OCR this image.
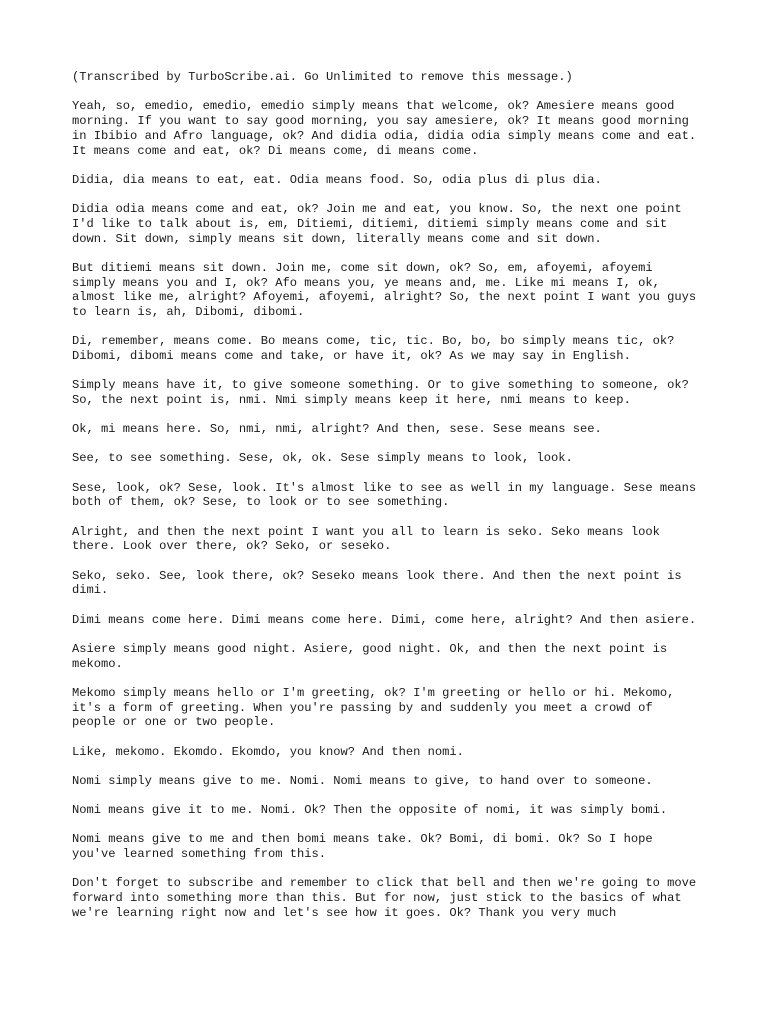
(Transcribed by TurboScribe.ai. Go Unlimited to remove this message.)

Yeah, so, emedio, emedio, emedio simply means that welcome, ok? Amesiere means good morning. If you want to say good morning, you say amesiere, ok? It means good morning in Ibibio and Afro language, ok? And didia odia, didia odia simply means come and eat. It means come and eat, ok? Di means come, di means come.

Didia, dia means to eat, eat. Odia means food. So, odia plus di plus dia.

Didia odia means come and eat, ok? Join me and eat, you know. So, the next one point I'd like to talk about is, em, Ditiemi, ditiemi, ditiemi simply means come and sit down. Sit down, simply means sit down, literally means come and sit down.

But ditiemi means sit down. Join me, come sit down, ok? So, em, afoyemi, afoyemi simply means you and I, ok? Afo means you, ye means and, me. Like mi means I, ok, almost like me, alright? Afoyemi, afoyemi, alright? So, the next point I want you guys to learn is, ah, Dibomi, dibomi.

Di, remember, means come. Bo means come, tic, tic. Bo, bo, bo simply means tic, ok? Dibomi, dibomi means come and take, or have it, ok? As we may say in English.

Simply means have it, to give someone something. Or to give something to someone, ok? So, the next point is, nmi. Nmi simply means keep it here, nmi means to keep.

Ok, mi means here. So, nmi, nmi, alright? And then, sese. Sese means see.

See, to see something. Sese, ok, ok. Sese simply means to look, look.

Sese, look, ok? Sese, look. It's almost like to see as well in my language. Sese means both of them, ok? Sese, to look or to see something.

Alright, and then the next point I want you all to learn is seko. Seko means look there. Look over there, ok? Seko, or seseko.

Seko, seko. See, look there, ok? Seseko means look there. And then the next point is dimi.

Dimi means come here. Dimi means come here. Dimi, come here, alright? And then asiere.

Asiere simply means good night. Asiere, good night. Ok, and then the next point is mekomo.

Mekomo simply means hello or I'm greeting, ok? I'm greeting or hello or hi. Mekomo, it's a form of greeting. When you're passing by and suddenly you meet a crowd of people or one or two people.

Like, mekomo. Ekomdo. Ekomdo, you know? And then nomi.

Nomi simply means give to me. Nomi. Nomi means to give, to hand over to someone.

Nomi means give it to me. Nomi. Ok? Then the opposite of nomi, it was simply bomi.

Nomi means give to me and then bomi means take. Ok? Bomi, di bomi. Ok? So I hope you've learned something from this.

Don't forget to subscribe and remember to click that bell and then we're going to move forward into something more than this. But for now, just stick to the basics of what we're learning right now and let's see how it goes. Ok? Thank you very much
